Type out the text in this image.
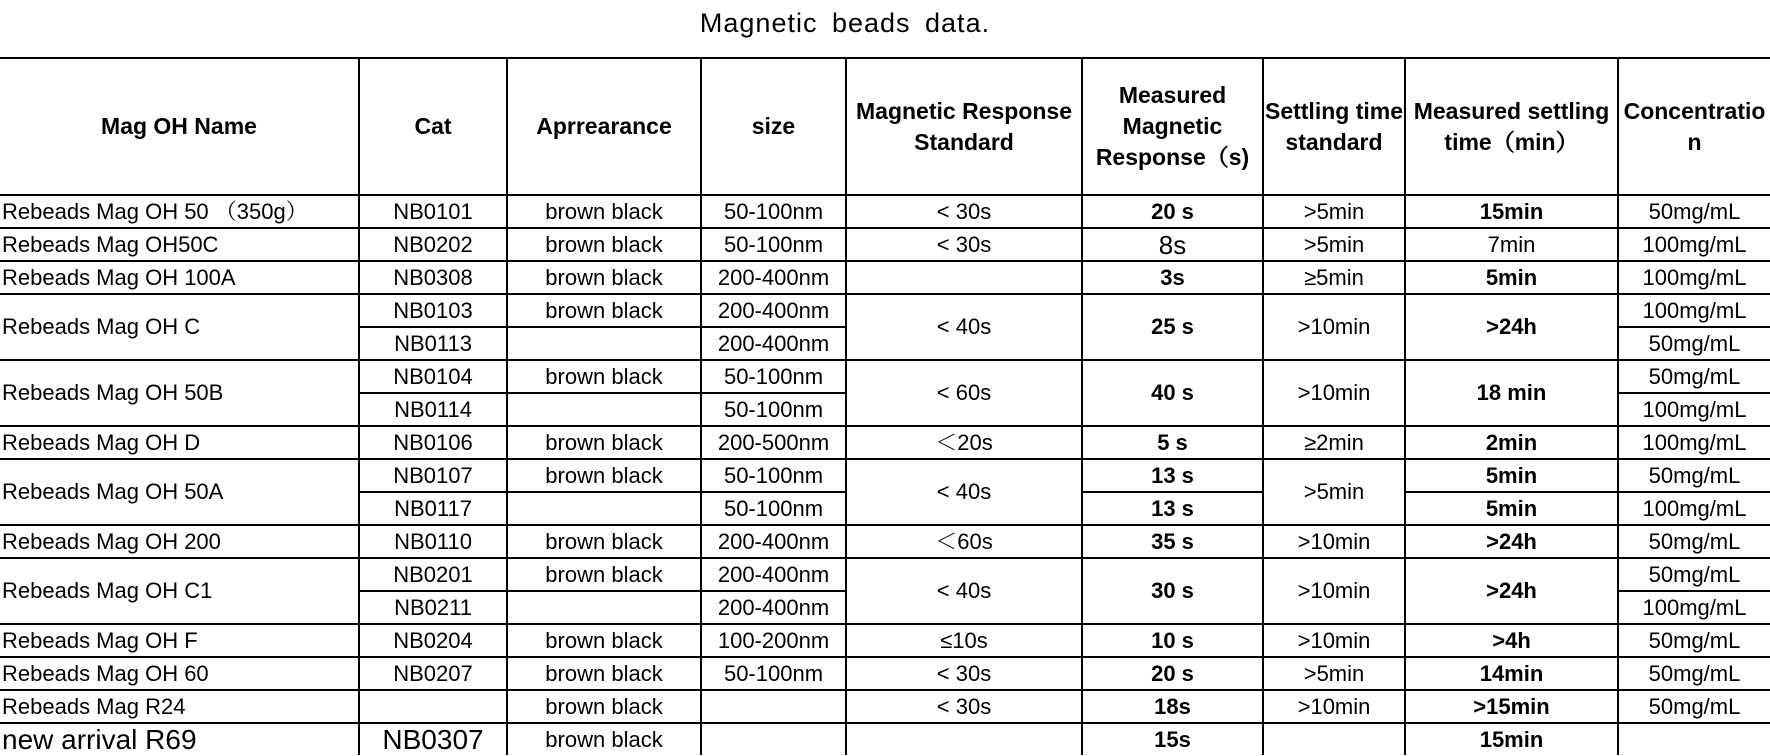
Magnetic beads data.
Mag OH Name	Cat	Aprrearance	size	Magnetic Response Standard	Measured Magnetic Response（s)	Settling time standard	Measured settling time（min）	Concentratio n
Rebeads Mag OH 50 （350g）	NB0101	brown black	50-100nm	< 30s	20 s	>5min	15min	50mg/mL
Rebeads Mag OH50C	NB0202	brown black	50-100nm	< 30s	8s	>5min	7min	100mg/mL
Rebeads Mag OH 100A	NB0308	brown black	200-400nm		3s	≥5min	5min	100mg/mL
Rebeads Mag OH C	NB0103	brown black	200-400nm	< 40s	25 s	>10min	>24h	100mg/mL
	NB0113		200-400nm					50mg/mL
Rebeads Mag OH 50B	NB0104	brown black	50-100nm	< 60s	40 s	>10min	18 min	50mg/mL
	NB0114		50-100nm					100mg/mL
Rebeads Mag OH D	NB0106	brown black	200-500nm	＜20s	5 s	≥2min	2min	100mg/mL
Rebeads Mag OH 50A	NB0107	brown black	50-100nm	< 40s	13 s	>5min	5min	50mg/mL
	NB0117		50-100nm		13 s		5min	100mg/mL
Rebeads Mag OH 200	NB0110	brown black	200-400nm	＜60s	35 s	>10min	>24h	50mg/mL
Rebeads Mag OH C1	NB0201	brown black	200-400nm	< 40s	30 s	>10min	>24h	50mg/mL
	NB0211		200-400nm					100mg/mL
Rebeads Mag OH F	NB0204	brown black	100-200nm	≤10s	10 s	>10min	>4h	50mg/mL
Rebeads Mag OH 60	NB0207	brown black	50-100nm	< 30s	20 s	>5min	14min	50mg/mL
Rebeads Mag R24		brown black		< 30s	18s	>10min	>15min	50mg/mL
new arrival R69	NB0307	brown black			15s		15min	
